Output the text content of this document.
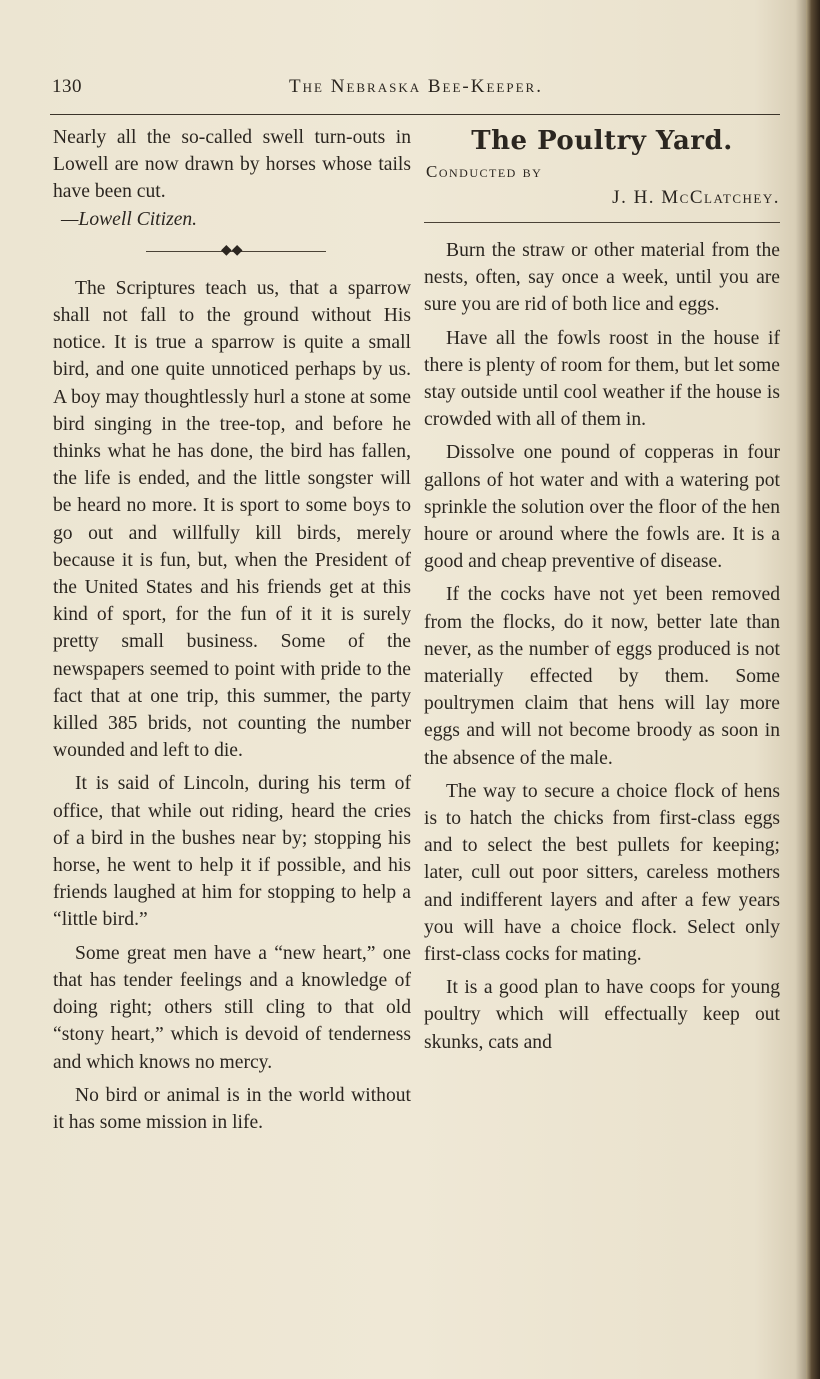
130	The Nebraska Bee-Keeper.

Nearly all the so-called swell turn-outs in Lowell are now drawn by horses whose tails have been cut.

—Lowell Citizen.
◆◆

The Scriptures teach us, that a sparrow shall not fall to the ground without His notice. It is true a sparrow is quite a small bird, and one quite unnoticed perhaps by us. A boy may thoughtlessly hurl a stone at some bird singing in the tree-top, and before he thinks what he has done, the bird has fallen, the life is ended, and the little songster will be heard no more. It is sport to some boys to go out and willfully kill birds, merely because it is fun, but, when the President of the United States and his friends get at this kind of sport, for the fun of it it is surely pretty small business. Some of the newspapers seemed to point with pride to the fact that at one trip, this summer, the party killed 385 brids, not counting the number wounded and left to die.

It is said of Lincoln, during his term of office, that while out riding, heard the cries of a bird in the bushes near by; stopping his horse, he went to help it if possible, and his friends laughed at him for stopping to help a “little bird.”

Some great men have a “new heart,” one that has tender feelings and a knowledge of doing right; others still cling to that old “stony heart,” which is devoid of tenderness and which knows no mercy.

No bird or animal is in the world without it has some mission in life.

The Poultry Yard.
Conducted by
J. H. McClatchey.

Burn the straw or other material from the nests, often, say once a week, until you are sure you are rid of both lice and eggs.

Have all the fowls roost in the house if there is plenty of room for them, but let some stay outside until cool weather if the house is crowded with all of them in.

Dissolve one pound of copperas in four gallons of hot water and with a watering pot sprinkle the solution over the floor of the hen houre or around where the fowls are. It is a good and cheap preventive of disease.

If the cocks have not yet been removed from the flocks, do it now, better late than never, as the number of eggs produced is not materially effected by them. Some poultrymen claim that hens will lay more eggs and will not become broody as soon in the absence of the male.

The way to secure a choice flock of hens is to hatch the chicks from first-class eggs and to select the best pullets for keeping; later, cull out poor sitters, careless mothers and indifferent layers and after a few years you will have a choice flock. Select only first-class cocks for mating.

It is a good plan to have coops for young poultry which will effectually keep out skunks, cats and
